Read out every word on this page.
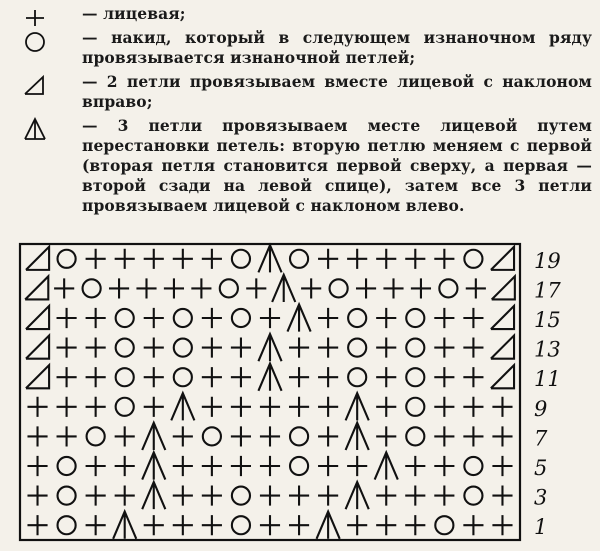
— лицевая;
— накид, который в следующем изнаночном ряду провязывается изнаночной петлей;
— 2 петли провязываем вместе лицевой с наклоном вправо;
— 3 петли провязываем месте лицевой путем перестановки петель: вторую петлю меняем с первой (вторая петля становится первой сверху, а первая — второй сзади на левой спице), затем все 3 петли провязываем лицевой с наклоном влево.
19
17
15
13
11
9
7
5
3
1
